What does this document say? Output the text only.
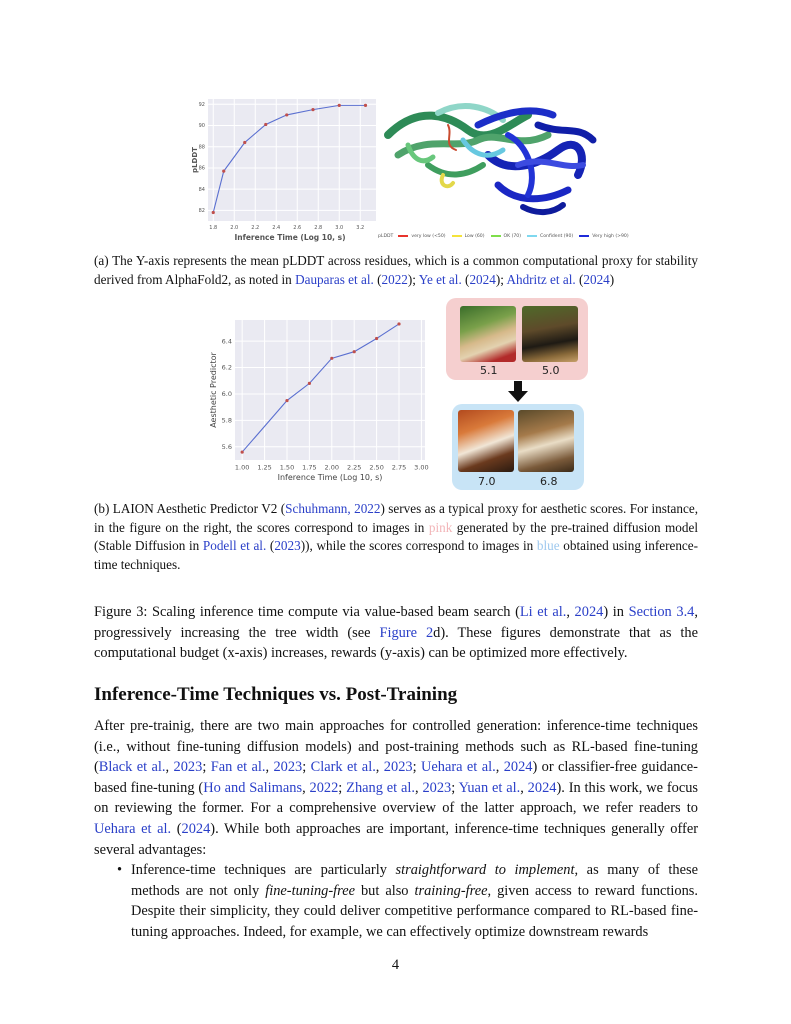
1.8	2.0	2.2	2.4	2.6	2.8	3.0	3.2
82
84
86
88
90
92
Inference Time (Log 10, s)
pLDDT
pLDDT	very low (<50)	Low (60)	OK (70)	Confident (90)	Very high (>90)
(a) The Y-axis represents the mean pLDDT across residues, which is a common computational proxy for stability derived from AlphaFold2, as noted in Dauparas et al. (2022); Ye et al. (2024); Ahdritz et al. (2024)
1.00 1.25 1.50 1.75 2.00 2.25 2.50 2.75 3.00
5.6
5.8
6.0
6.2
6.4
Inference Time (Log 10, s)
Aesthetic Predictor	5.1	5.0
7.0	6.8
(b) LAION Aesthetic Predictor V2 (Schuhmann, 2022) serves as a typical proxy for aesthetic scores. For instance, in the figure on the right, the scores correspond to images in pink generated by the pre-trained diffusion model (Stable Diffusion in Podell et al. (2023)), while the scores correspond to images in blue obtained using inference-time techniques.
Figure 3: Scaling inference time compute via value-based beam search (Li et al., 2024) in Section 3.4, progressively increasing the tree width (see Figure 2d). These figures demonstrate that as the computational budget (x-axis) increases, rewards (y-axis) can be optimized more effectively.
Inference-Time Techniques vs. Post-Training
After pre-trainig, there are two main approaches for controlled generation: inference-time techniques (i.e., without fine-tuning diffusion models) and post-training methods such as RL-based fine-tuning (Black et al., 2023; Fan et al., 2023; Clark et al., 2023; Uehara et al., 2024) or classifier-free guidance-based fine-tuning (Ho and Salimans, 2022; Zhang et al., 2023; Yuan et al., 2024). In this work, we focus on reviewing the former. For a comprehensive overview of the latter approach, we refer readers to Uehara et al. (2024). While both approaches are important, inference-time techniques generally offer several advantages:
• Inference-time techniques are particularly straightforward to implement, as many of these methods are not only fine-tuning-free but also training-free, given access to reward functions. Despite their simplicity, they could deliver competitive performance compared to RL-based fine-tuning approaches. Indeed, for example, we can effectively optimize downstream rewards
4
